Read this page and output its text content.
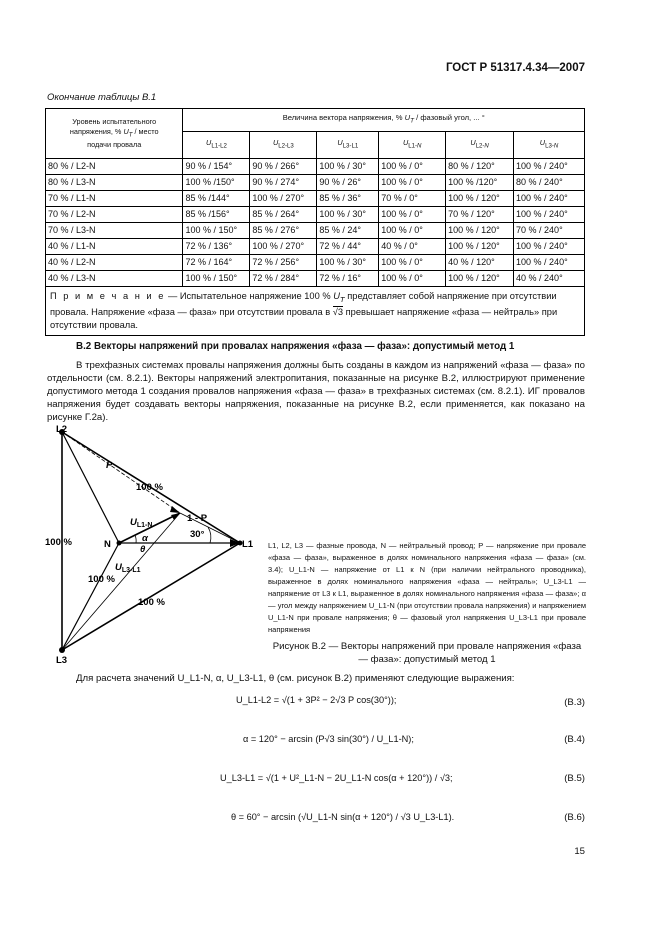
ГОСТ Р 51317.4.34—2007
Окончание таблицы В.1
Уровень испытательного
напряжения, % $U_T$ / место
подачи провала	Величина вектора напряжения, % $U_T$ / фазовый угол, ... °					
	$U_{L1-L2}$	$U_{L2-L3}$	$U_{L3-L1}$	$U_{L1-N}$	$U_{L2-N}$	$U_{L3-N}$
80 % / L2-N	90 % / 154°	90 % / 266°	100 % / 30°	100 % / 0°	80 % / 120°	100 % / 240°
80 % / L3-N	100 % /150°	90 % / 274°	90 % / 26°	100 % / 0°	100 % /120°	80 % / 240°
70 % / L1-N	85 % /144°	100 % / 270°	85 % / 36°	70 % / 0°	100 % / 120°	100 % / 240°
70 % / L2-N	85 % /156°	85 % / 264°	100 % / 30°	100 % / 0°	70 % / 120°	100 % / 240°
70 % / L3-N	100 % / 150°	85 % / 276°	85 % / 24°	100 % / 0°	100 % / 120°	70 % / 240°
40 % / L1-N	72 % / 136°	100 % / 270°	72 % / 44°	40 % / 0°	100 % / 120°	100 % / 240°
40 % / L2-N	72 % / 164°	72 % / 256°	100 % / 30°	100 % / 0°	40 % / 120°	100 % / 240°
40 % / L3-N	100 % / 150°	72 % / 284°	72 % / 16°	100 % / 0°	100 % / 120°	40 % / 240°
П р и м е ч а н и е — Испытательное напряжение 100 % $U_T$ представляет собой напряжение при отсутствии провала. Напряжение «фаза — фаза» при отсутствии провала в √3 превышает напряжение «фаза — нейтраль» при отсутствии провала.						
В.2 Векторы напряжений при провалах напряжения «фаза — фаза»: допустимый метод 1
В трехфазных системах провалы напряжения должны быть созданы в каждом из напряжений «фаза — фаза» по отдельности (см. 8.2.1). Векторы напряжений электропитания, показанные на рисунке В.2, иллюстрируют применение допустимого метода 1 создания провалов напряжения «фаза — фаза» в трехфазных системах (см. 8.2.1). ИГ провалов напряжения будет создавать векторы напряжения, показанные на рисунке В.2, если применяется, как показано на рисунке Г.2а).
L2
L3
L1
N
P
100 %
100 %
100 %
100 %
1 - P
30°
α
θ
$U_{L1-N}$
$U_{L3-L1}$
L1, L2, L3 — фазные провода, N — нейтральный провод; P — напряжение при провале «фаза — фаза», выраженное в долях номинального напряжения «фаза — фаза» (см. 3.4); U_L1-N — напряжение от L1 к N (при наличии нейтрального проводника), выраженное в долях номинального напряжения «фаза — нейтраль»; U_L3-L1 — напряжение от L3 к L1, выраженное в долях номинального напряжения «фаза — фаза»; α — угол между напряжением U_L1-N (при отсутствии провала напряжения) и напряжением U_L1-N при провале напряжения; θ — фазовый угол напряжения U_L3-L1 при провале напряжения
Рисунок В.2 — Векторы напряжений при провале напряжения «фаза — фаза»: допустимый метод 1
Для расчета значений U_L1-N, α, U_L3-L1, θ (см. рисунок В.2) применяют следующие выражения:
U_L1-L2 = √(1 + 3P² − 2√3 P cos(30°));	(В.3)
α = 120° − arcsin (P√3 sin(30°) / U_L1-N);	(В.4)
U_L3-L1 = √(1 + U²_L1-N − 2U_L1-N cos(α + 120°)) / √3;	(В.5)
θ = 60° − arcsin (√U_L1-N sin(α + 120°) / √3 U_L3-L1).	(В.6)
15
